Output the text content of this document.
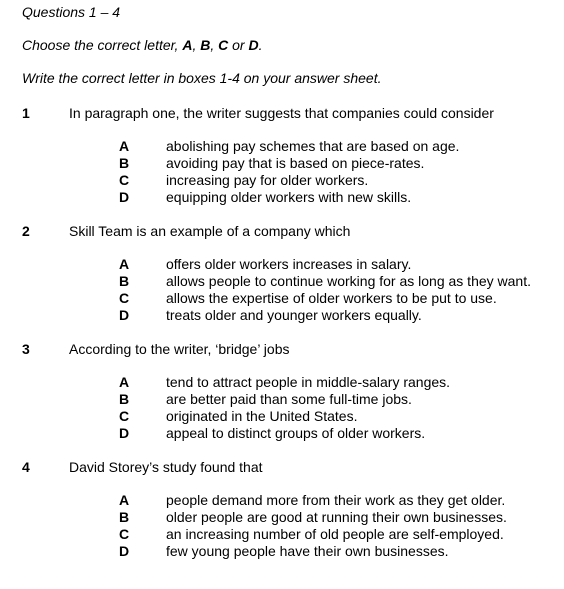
Questions 1 – 4
Choose the correct letter, A, B, C or D.
Write the correct letter in boxes 1-4 on your answer sheet.
1	In paragraph one, the writer suggests that companies could consider
A	abolishing pay schemes that are based on age.
B	avoiding pay that is based on piece-rates.
C	increasing pay for older workers.
D	equipping older workers with new skills.
2	Skill Team is an example of a company which
A	offers older workers increases in salary.
B	allows people to continue working for as long as they want.
C	allows the expertise of older workers to be put to use.
D	treats older and younger workers equally.
3	According to the writer, ‘bridge’ jobs
A	tend to attract people in middle-salary ranges.
B	are better paid than some full-time jobs.
C	originated in the United States.
D	appeal to distinct groups of older workers.
4	David Storey’s study found that
A	people demand more from their work as they get older.
B	older people are good at running their own businesses.
C	an increasing number of old people are self-employed.
D	few young people have their own businesses.
